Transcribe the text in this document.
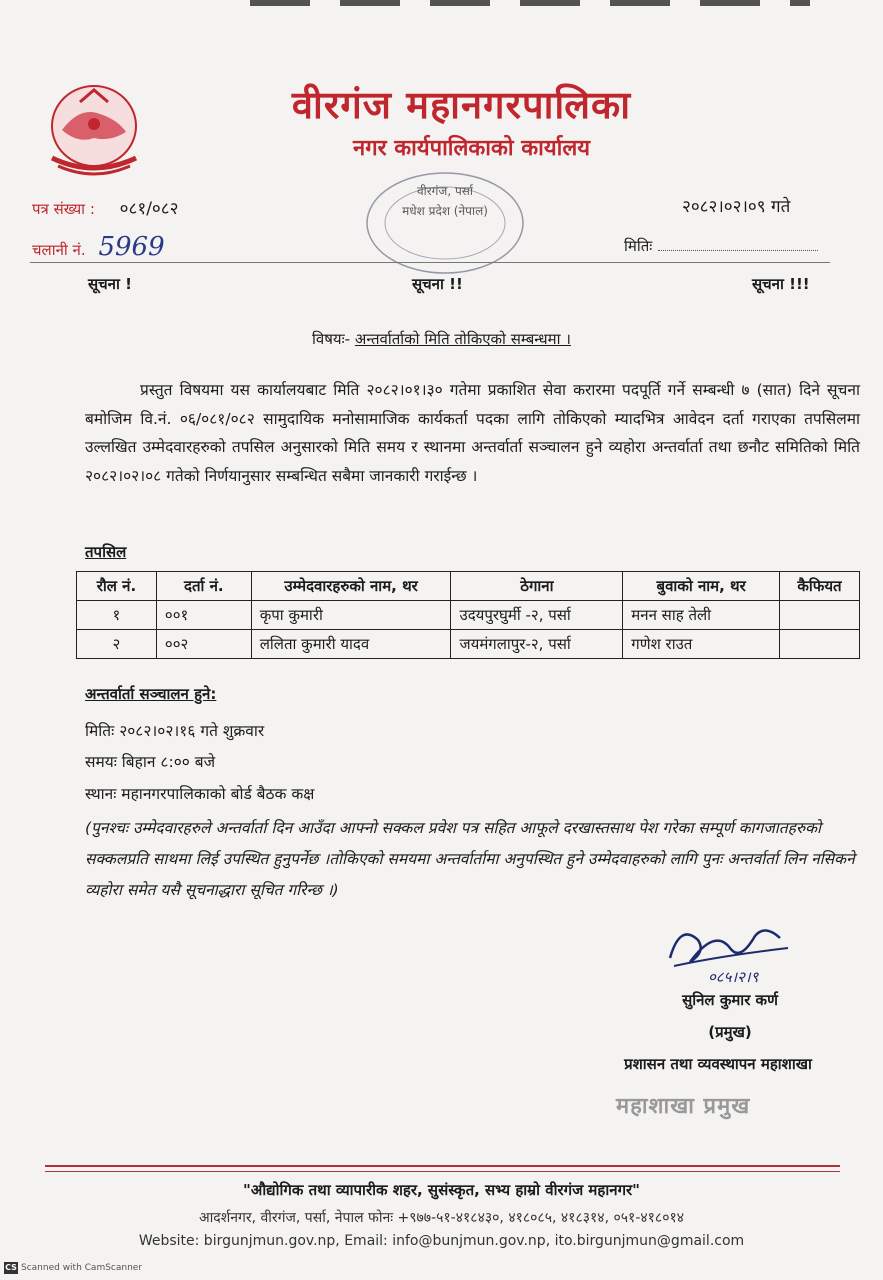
वीरगंज महानगरपालिका
नगर कार्यपालिकाको कार्यालय
पत्र संख्या : ०८१/०८२
चलानी नं. 5969
२०८२।०२।०९ गते
मितिः
वीरगंज, पर्सा
मधेश प्रदेश (नेपाल)
सूचना !	सूचना !!	सूचना !!!
विषयः- अन्तर्वार्ताको मिति तोकिएको सम्बन्धमा ।
प्रस्तुत विषयमा यस कार्यालयबाट मिति २०८२।०१।३० गतेमा प्रकाशित सेवा करारमा पदपूर्ति गर्ने सम्बन्धी ७ (सात) दिने सूचना बमोजिम वि.नं. ०६/०८१/०८२ सामुदायिक मनोसामाजिक कार्यकर्ता पदका लागि तोकिएको म्यादभित्र आवेदन दर्ता गराएका तपसिलमा उल्लखित उम्मेदवारहरुको तपसिल अनुसारको मिति समय र स्थानमा अन्तर्वार्ता सञ्चालन हुने व्यहोरा अन्तर्वार्ता तथा छनौट समितिको मिति २०८२।०२।०८ गतेको निर्णयानुसार सम्बन्धित सबैमा जानकारी गराईन्छ ।
तपसिल
रौल नं.	दर्ता नं.	उम्मेदवारहरुको नाम, थर	ठेगाना	बुवाको नाम, थर	कैफियत
१	००१	कृपा कुमारी	उदयपुरघुर्मी -२, पर्सा	मनन साह तेली	
२	००२	ललिता कुमारी यादव	जयमंगलापुर-२, पर्सा	गणेश राउत	
अन्तर्वार्ता सञ्चालन हुने:
मितिः २०८२।०२।१६ गते शुक्रवार
समयः बिहान ८:०० बजे
स्थानः महानगरपालिकाको बोर्ड बैठक कक्ष
(पुनश्चः उम्मेदवारहरुले अन्तर्वार्ता दिन आउँदा आफ्नो सक्कल प्रवेश पत्र सहित आफूले दरखास्तसाथ पेश गरेका सम्पूर्ण कागजातहरुको सक्कलप्रति साथमा लिई उपस्थित हुनुपर्नेछ ।तोकिएको समयमा अन्तर्वार्तामा अनुपस्थित हुने उम्मेदवाहरुको लागि पुनः अन्तर्वार्ता लिन नसिकने व्यहोरा समेत यसै सूचनाद्धारा सूचित गरिन्छ ।)
०८५।२।९
सुनिल कुमार कर्ण
(प्रमुख)
प्रशासन तथा व्यवस्थापन महाशाखा
महाशाखा प्रमुख
"औद्योगिक तथा व्यापारीक शहर, सुसंस्कृत, सभ्य हाम्रो वीरगंज महानगर"
आदर्शनगर, वीरगंज, पर्सा, नेपाल फोनः +९७७-५१-४१८४३०, ४१८०८५, ४१८३१४, ०५१-४१८०१४
Website: birgunjmun.gov.np, Email: info@bunjmun.gov.np, ito.birgunjmun@gmail.com
CS Scanned with CamScanner
